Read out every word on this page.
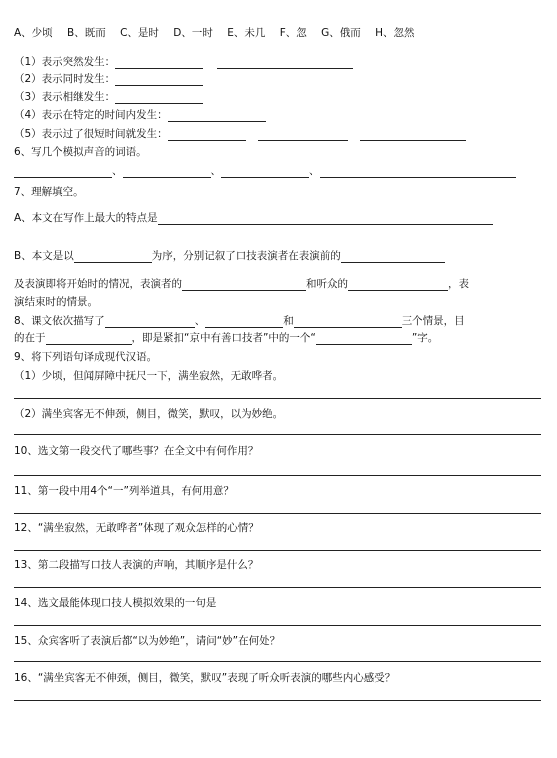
A、少顷 B、既而 C、是时 D、一时 E、未几 F、忽 G、俄而 H、忽然
（1）表示突然发生：
（2）表示同时发生：
（3）表示相继发生：
（4）表示在特定的时间内发生：
（5）表示过了很短时间就发生：
6、写几个模拟声音的词语。
、	、	、
7、理解填空。
A、本文在写作上最大的特点是
B、本文是以	为序，分别记叙了口技表演者在表演前的
及表演即将开始时的情况，表演者的	和听众的	，表
演结束时的情景。
8、课文依次描写了	、	和	三个情景，目
的在于	，即是紧扣“京中有善口技者”中的一个“	”字。
9、将下列语句译成现代汉语。
（1）少顷，但闻屏障中抚尺一下，满坐寂然，无敢哗者。
（2）满坐宾客无不伸颈，侧目，微笑，默叹，以为妙绝。
10、选文第一段交代了哪些事？在全文中有何作用？
11、第一段中用4个“一”列举道具，有何用意？
12、“满坐寂然，无敢哗者”体现了观众怎样的心情？
13、第二段描写口技人表演的声响，其顺序是什么？
14、选文最能体现口技人模拟效果的一句是
15、众宾客听了表演后都“以为妙绝”，请问“妙”在何处？
16、“满坐宾客无不伸颈，侧目，微笑，默叹”表现了听众听表演的哪些内心感受？
